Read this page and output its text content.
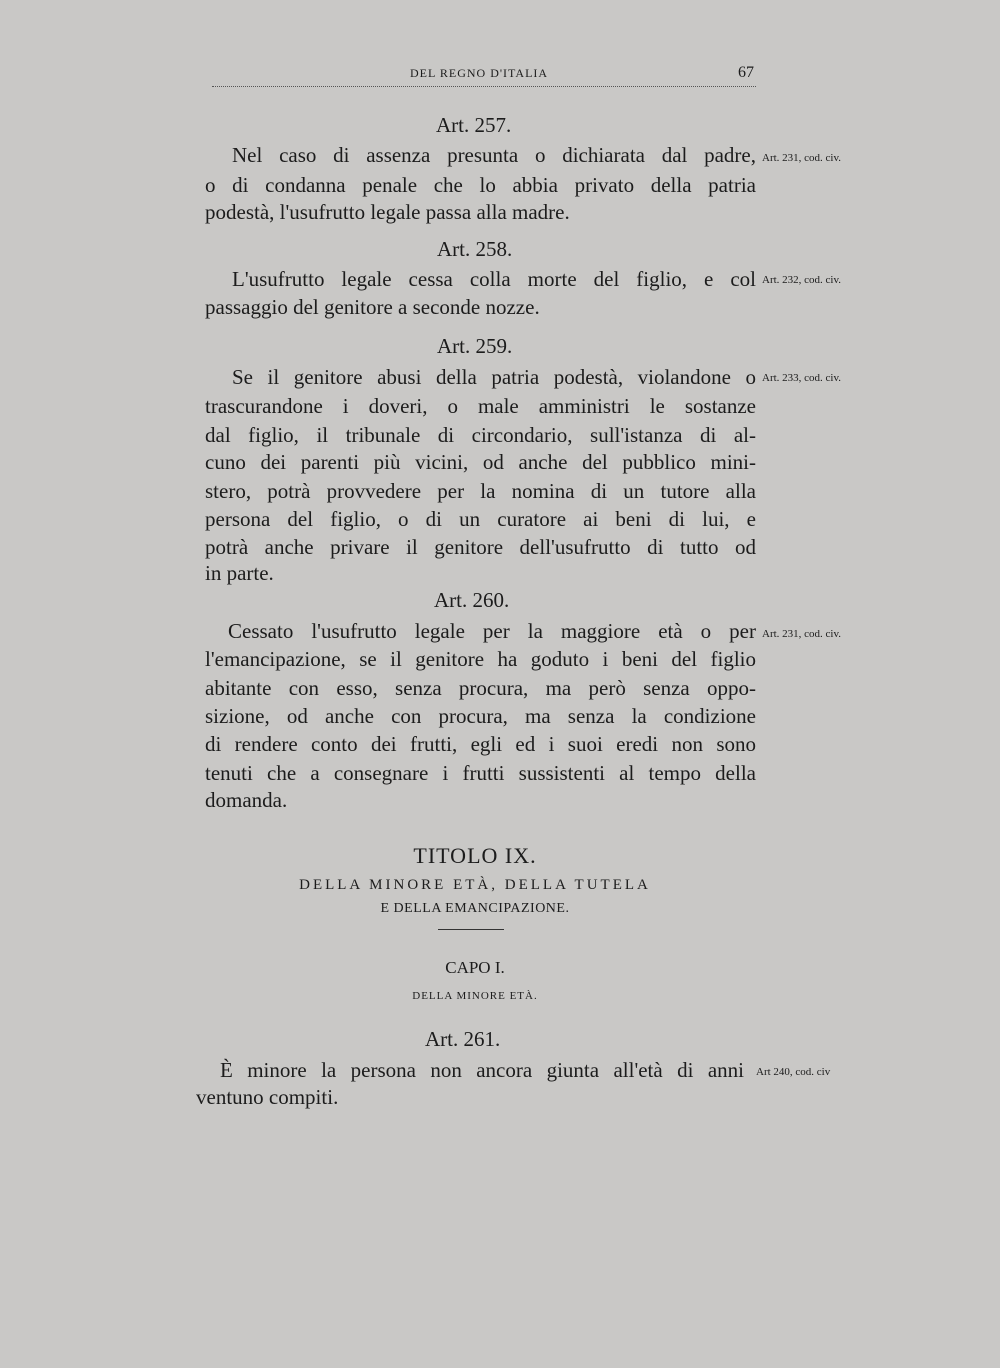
DEL REGNO D'ITALIA	67
Art. 257.
Art. 231, cod. civ.
Nel caso di assenza presunta o dichiarata dal padre,
o di condanna penale che lo abbia privato della patria
podestà, l'usufrutto legale passa alla madre.
Art. 258.
Art. 232, cod. civ.
L'usufrutto legale cessa colla morte del figlio, e col
passaggio del genitore a seconde nozze.
Art. 259.
Art. 233, cod. civ.
Se il genitore abusi della patria podestà, violandone o
trascurandone i doveri, o male amministri le sostanze
dal figlio, il tribunale di circondario, sull'istanza di al-
cuno dei parenti più vicini, od anche del pubblico mini-
stero, potrà provvedere per la nomina di un tutore alla
persona del figlio, o di un curatore ai beni di lui, e
potrà anche privare il genitore dell'usufrutto di tutto od
in parte.
Art. 260.
Art. 231, cod. civ.
Cessato l'usufrutto legale per la maggiore età o per
l'emancipazione, se il genitore ha goduto i beni del figlio
abitante con esso, senza procura, ma però senza oppo-
sizione, od anche con procura, ma senza la condizione
di rendere conto dei frutti, egli ed i suoi eredi non sono
tenuti che a consegnare i frutti sussistenti al tempo della
domanda.
TITOLO IX.
DELLA MINORE ETÀ, DELLA TUTELA
E DELLA EMANCIPAZIONE.
CAPO I.
DELLA MINORE ETÀ.
Art. 261.
Art 240, cod. civ
È minore la persona non ancora giunta all'età di anni
ventuno compiti.
